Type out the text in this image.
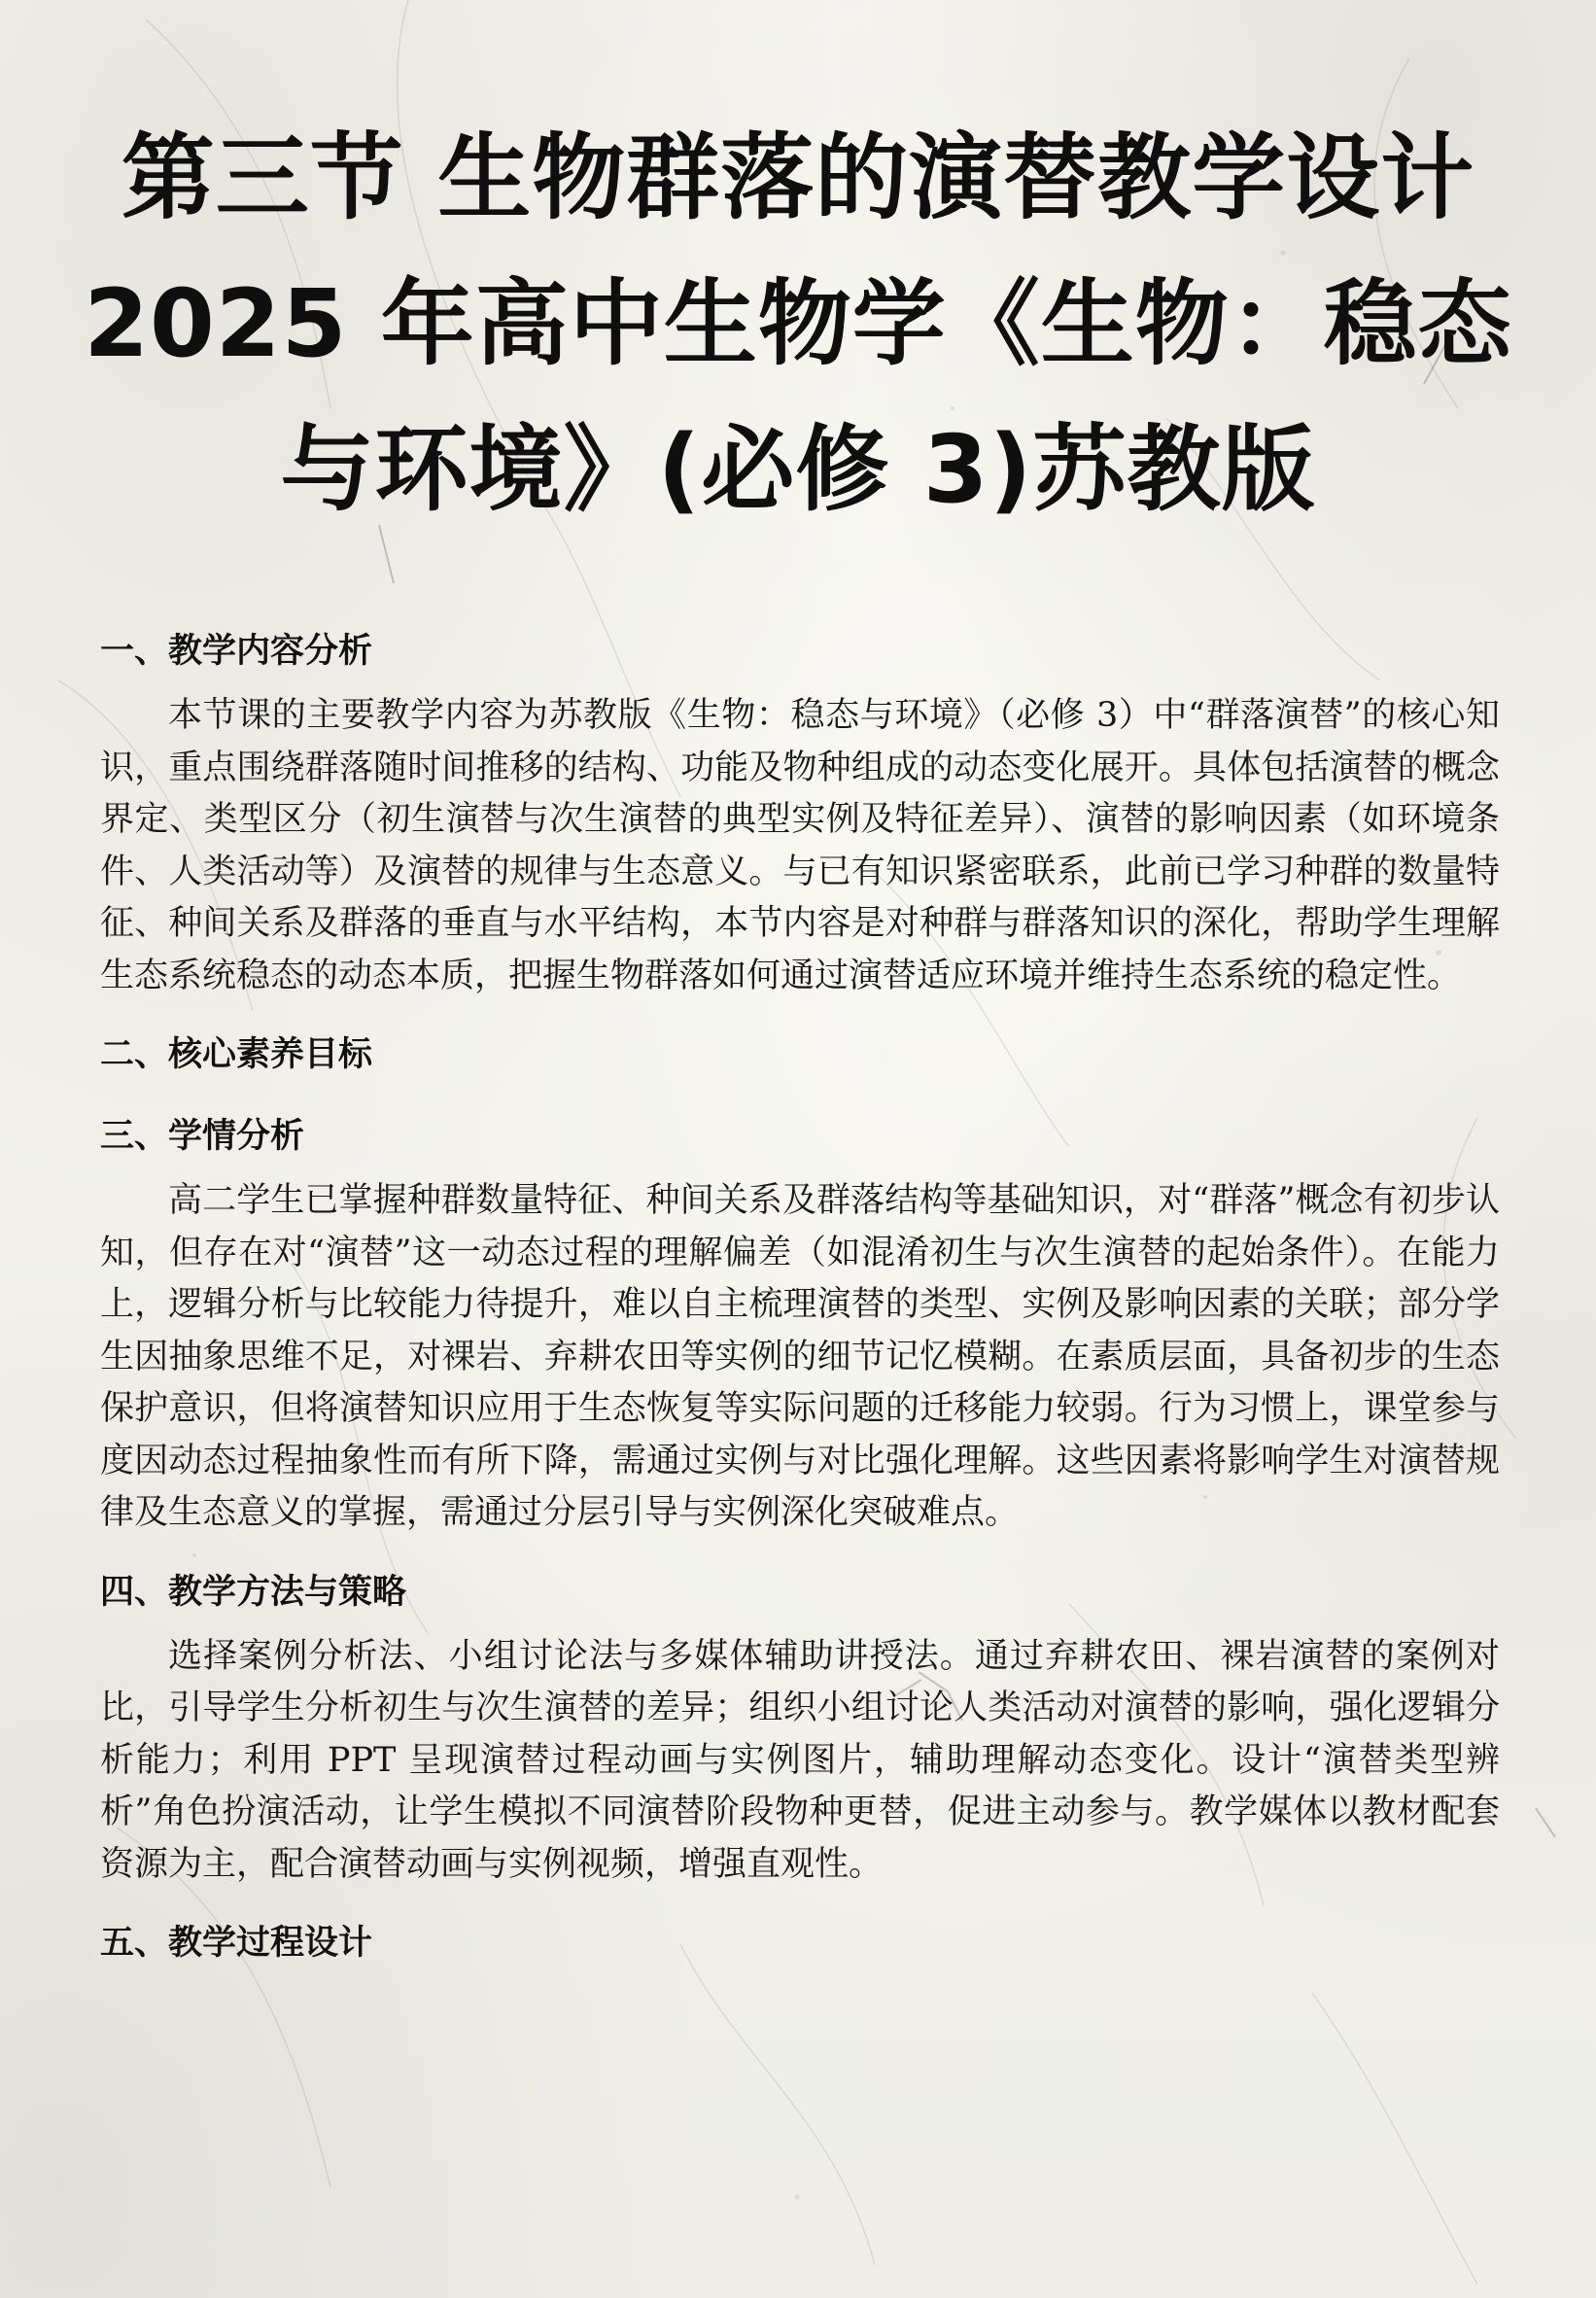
第三节 生物群落的演替教学设计 2025 年高中生物学《生物：稳态与环境》(必修 3)苏教版
一、教学内容分析

本节课的主要教学内容为苏教版《生物：稳态与环境》（必修 3）中“群落演替”的核心知识，重点围绕群落随时间推移的结构、功能及物种组成的动态变化展开。具体包括演替的概念界定、类型区分（初生演替与次生演替的典型实例及特征差异）、演替的影响因素（如环境条件、人类活动等）及演替的规律与生态意义。与已有知识紧密联系，此前已学习种群的数量特征、种间关系及群落的垂直与水平结构，本节内容是对种群与群落知识的深化，帮助学生理解生态系统稳态的动态本质，把握生物群落如何通过演替适应环境并维持生态系统的稳定性。

二、核心素养目标
三、学情分析

高二学生已掌握种群数量特征、种间关系及群落结构等基础知识，对“群落”概念有初步认知，但存在对“演替”这一动态过程的理解偏差（如混淆初生与次生演替的起始条件）。在能力上，逻辑分析与比较能力待提升，难以自主梳理演替的类型、实例及影响因素的关联；部分学生因抽象思维不足，对裸岩、弃耕农田等实例的细节记忆模糊。在素质层面，具备初步的生态保护意识，但将演替知识应用于生态恢复等实际问题的迁移能力较弱。行为习惯上，课堂参与度因动态过程抽象性而有所下降，需通过实例与对比强化理解。这些因素将影响学生对演替规律及生态意义的掌握，需通过分层引导与实例深化突破难点。

四、教学方法与策略

选择案例分析法、小组讨论法与多媒体辅助讲授法。通过弃耕农田、裸岩演替的案例对比，引导学生分析初生与次生演替的差异；组织小组讨论人类活动对演替的影响，强化逻辑分析能力；利用 PPT 呈现演替过程动画与实例图片，辅助理解动态变化。设计“演替类型辨析”角色扮演活动，让学生模拟不同演替阶段物种更替，促进主动参与。教学媒体以教材配套资源为主，配合演替动画与实例视频，增强直观性。

五、教学过程设计
